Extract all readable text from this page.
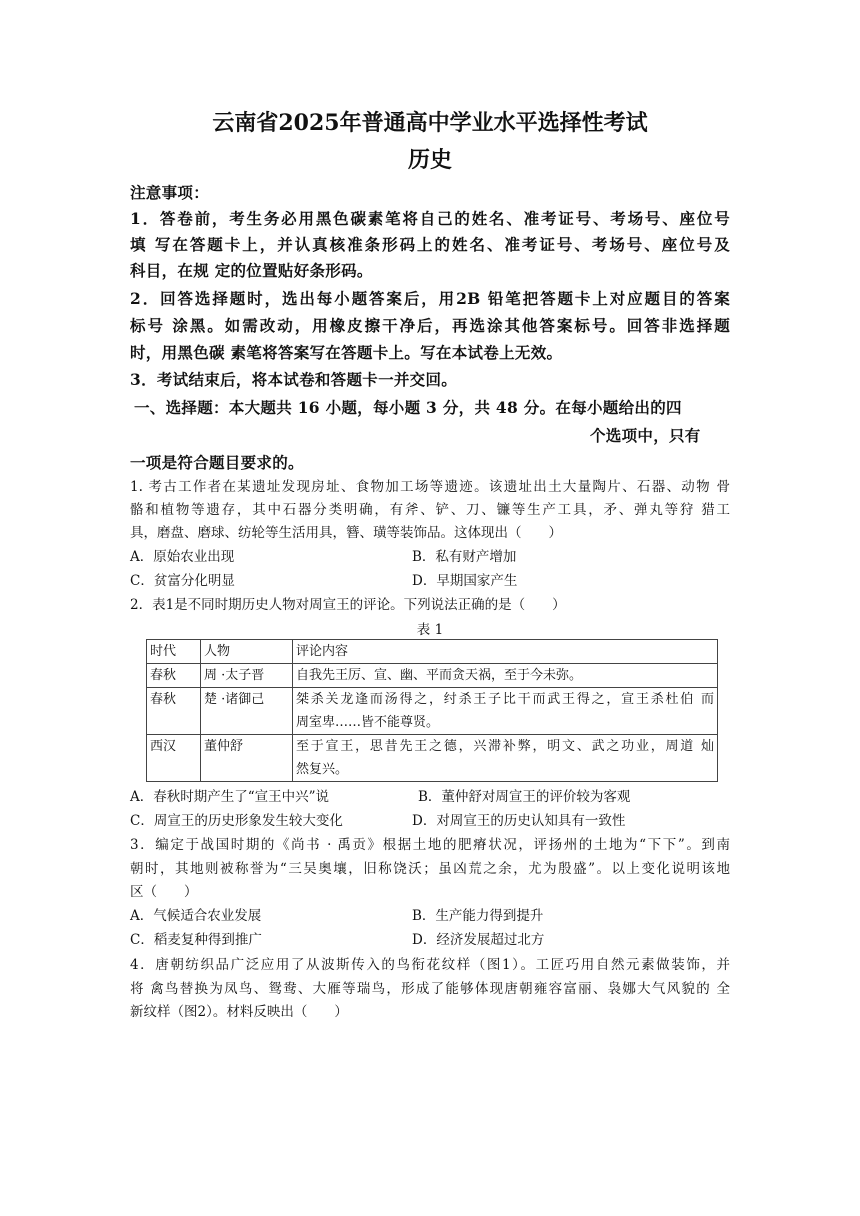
云南省2025年普通高中学业水平选择性考试
历史
注意事项：
1．答卷前，考生务必用黑色碳素笔将自己的姓名、准考证号、考场号、座位号
填 写在答题卡上，并认真核准条形码上的姓名、准考证号、考场号、座位号及
科目，在规 定的位置贴好条形码。
2．回答选择题时，选出每小题答案后，用2B 铅笔把答题卡上对应题目的答案
标号 涂黑。如需改动，用橡皮擦干净后，再选涂其他答案标号。回答非选择题
时，用黑色碳 素笔将答案写在答题卡上。写在本试卷上无效。
3．考试结束后，将本试卷和答题卡一并交回。
一、选择题：本大题共 16 小题，每小题 3 分，共 48 分。在每小题给出的四
个选项中，只有
一项是符合题目要求的。
1. 考古工作者在某遗址发现房址、食物加工场等遗迹。该遗址出土大量陶片、石器、动物 骨
骼和植物等遗存，其中石器分类明确，有斧、铲、刀、镰等生产工具，矛、弹丸等狩 猎工
具，磨盘、磨球、纺轮等生活用具，簪、璜等装饰品。这体现出（　　）
A．原始农业出现	B．私有财产增加
C．贫富分化明显	D．早期国家产生
2．表1是不同时期历史人物对周宣王的评论。下列说法正确的是（　　）
表 1
时代	人物	评论内容
春秋	周 ·太子晋	自我先王厉、宣、幽、平而贪天祸，至于今未弥。
春秋	楚 ·诸御己	桀杀关龙逢而汤得之，纣杀王子比干而武王得之，宣王杀杜伯 而
周室卑……皆不能尊贤。

西汉	董仲舒	至于宣王，思昔先王之德，兴滞补弊，明文、武之功业，周道 灿
然复兴。
A．春秋时期产生了“宣王中兴”说	B．董仲舒对周宣王的评价较为客观
C．周宣王的历史形象发生较大变化	D．对周宣王的历史认知具有一致性
3．编定于战国时期的《尚书 · 禹贡》根据土地的肥瘠状况，评扬州的土地为“下下”。到南
朝时，其地则被称誉为“三吴奥壤，旧称饶沃；虽凶荒之余，尤为殷盛”。以上变化说明该地
区（　　）
A．气候适合农业发展	B．生产能力得到提升
C．稻麦复种得到推广	D．经济发展超过北方
4．唐朝纺织品广泛应用了从波斯传入的鸟衔花纹样（图1）。工匠巧用自然元素做装饰，并
将 禽鸟替换为凤鸟、鸳鸯、大雁等瑞鸟，形成了能够体现唐朝雍容富丽、袅娜大气风貌的 全
新纹样（图2）。材料反映出（　　）
